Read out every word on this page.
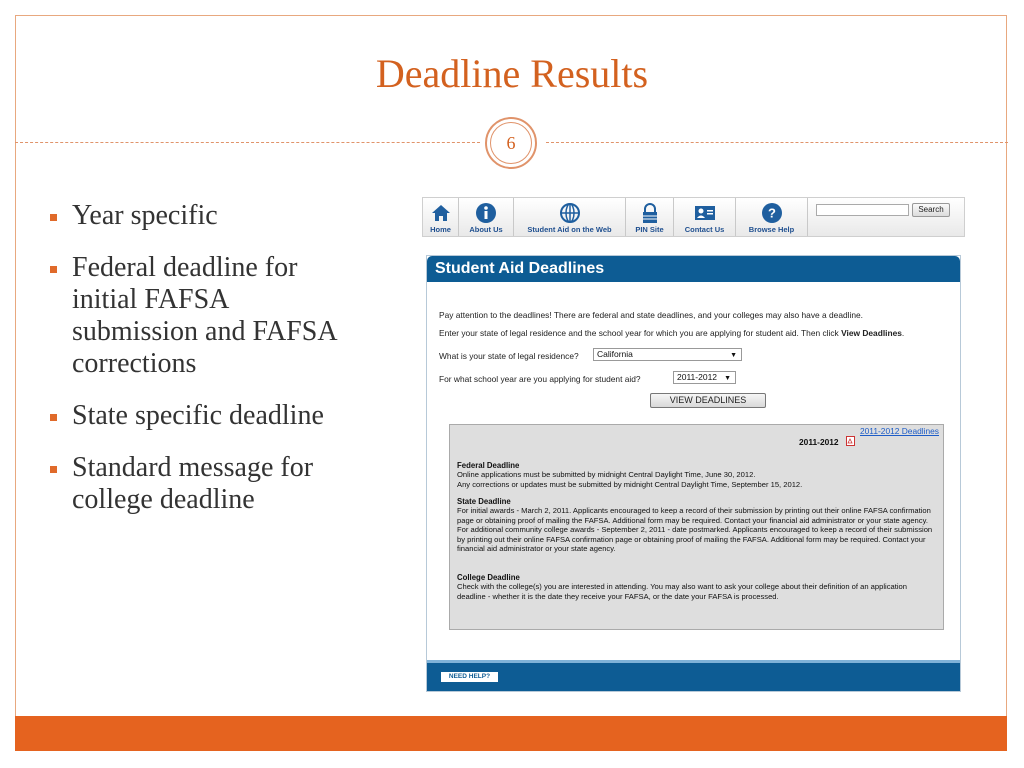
Deadline Results
6
Year specific
Federal deadline for initial FAFSA submission and FAFSA corrections
State specific deadline
Standard message for college deadline
Home	About Us	Student Aid on the Web	PIN Site	Contact Us
?
Browse Help
Search
Student Aid Deadlines
Pay attention to the deadlines! There are federal and state deadlines, and your colleges may also have a deadline.
Enter your state of legal residence and the school year for which you are applying for student aid. Then click View Deadlines.
What is your state of legal residence?	California	▼
For what school year are you applying for student aid?	2011-2012 ▼
VIEW DEADLINES
2011-2012 Deadlines
2011-2012
Federal Deadline
Online applications must be submitted by midnight Central Daylight Time, June 30, 2012.
Any corrections or updates must be submitted by midnight Central Daylight Time, September 15, 2012.
State Deadline
For initial awards - March 2, 2011. Applicants encouraged to keep a record of their submission by printing out their online FAFSA confirmation page or obtaining proof of mailing the FAFSA. Additional form may be required. Contact your financial aid administrator or your state agency. For additional community college awards - September 2, 2011 - date postmarked. Applicants encouraged to keep a record of their submission by printing out their online FAFSA confirmation page or obtaining proof of mailing the FAFSA. Additional form may be required. Contact your financial aid administrator or your state agency.
College Deadline
Check with the college(s) you are interested in attending. You may also want to ask your college about their definition of an application deadline - whether it is the date they receive your FAFSA, or the date your FAFSA is processed.
NEED HELP?
